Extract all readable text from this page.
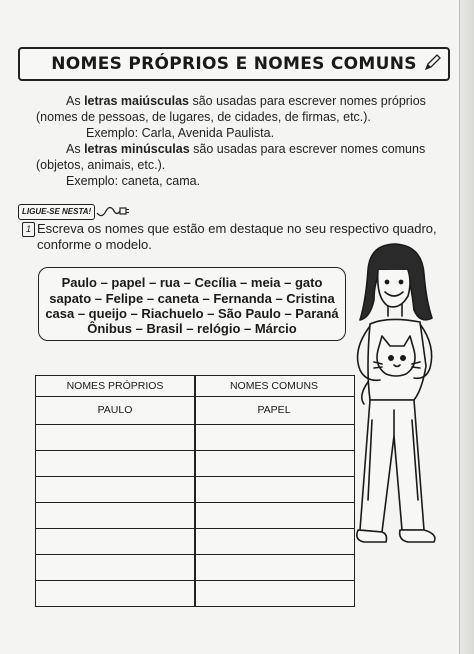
NOMES PRÓPRIOS E NOMES COMUNS
As letras maiúsculas são usadas para escrever nomes próprios
(nomes de pessoas, de lugares, de cidades, de firmas, etc.).
Exemplo: Carla, Avenida Paulista.
As letras minúsculas são usadas para escrever nomes comuns
(objetos, animais, etc.).
Exemplo: caneta, cama.
LIGUE-SE NESTA!
1 Escreva os nomes que estão em destaque no seu respectivo quadro,
conforme o modelo.
Paulo – papel – rua – Cecília – meia – gato
sapato – Felipe – caneta – Fernanda – Cristina
casa – queijo – Riachuelo – São Paulo – Paraná
Ônibus – Brasil – relógio – Márcio
NOMES PRÓPRIOS	NOMES COMUNS
PAULO	PAPEL
